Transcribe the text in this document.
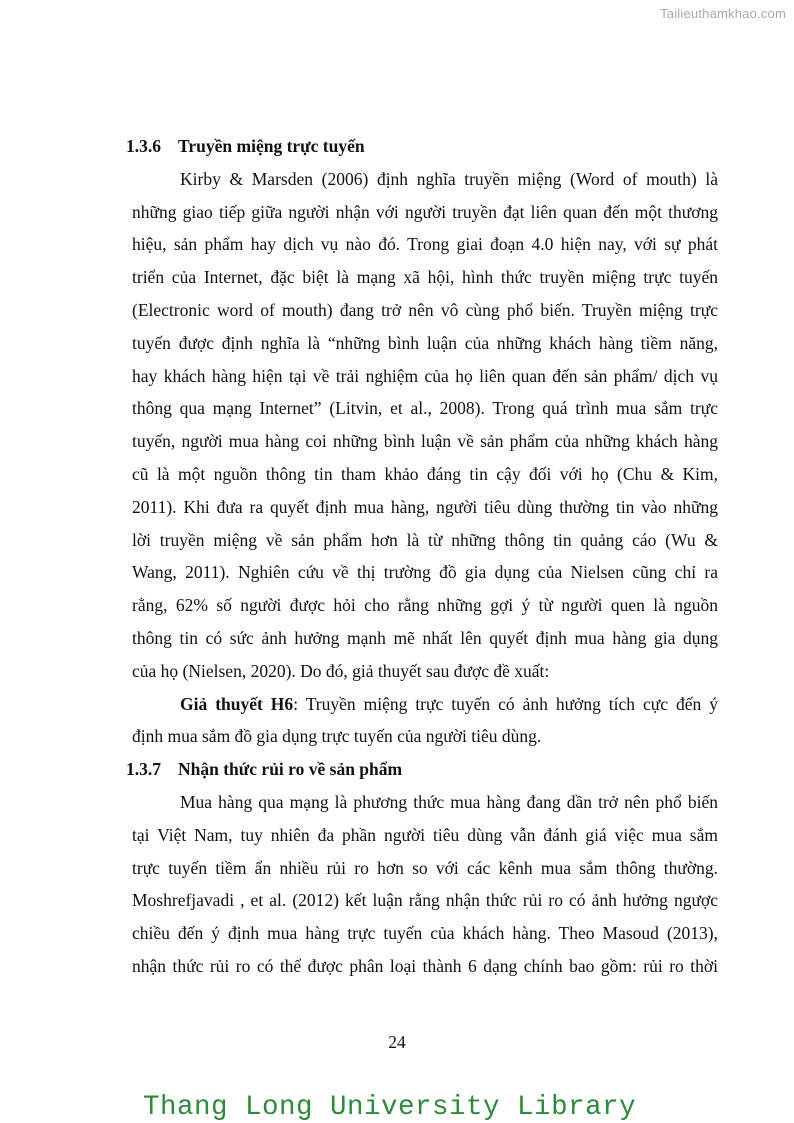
Tailieuthamkhao.com
1.3.6 Truyền miệng trực tuyến
Kirby & Marsden (2006) định nghĩa truyền miệng (Word of mouth) là
những giao tiếp giữa người nhận với người truyền đạt liên quan đến một thương
hiệu, sản phẩm hay dịch vụ nào đó. Trong giai đoạn 4.0 hiện nay, với sự phát
triển của Internet, đặc biệt là mạng xã hội, hình thức truyền miệng trực tuyến
(Electronic word of mouth) đang trở nên vô cùng phổ biến. Truyền miệng trực
tuyến được định nghĩa là “những bình luận của những khách hàng tiềm năng,
hay khách hàng hiện tại về trải nghiệm của họ liên quan đến sản phẩm/ dịch vụ
thông qua mạng Internet” (Litvin, et al., 2008). Trong quá trình mua sắm trực
tuyến, người mua hàng coi những bình luận về sản phẩm của những khách hàng
cũ là một nguồn thông tin tham khảo đáng tin cậy đối với họ (Chu & Kim,
2011). Khi đưa ra quyết định mua hàng, người tiêu dùng thường tin vào những
lời truyền miệng về sản phẩm hơn là từ những thông tin quảng cáo (Wu &
Wang, 2011). Nghiên cứu về thị trường đồ gia dụng của Nielsen cũng chỉ ra
rằng, 62% số người được hỏi cho rằng những gợi ý từ người quen là nguồn
thông tin có sức ảnh hưởng mạnh mẽ nhất lên quyết định mua hàng gia dụng
của họ (Nielsen, 2020). Do đó, giả thuyết sau được đề xuất:
Giả thuyết H6: Truyền miệng trực tuyến có ảnh hưởng tích cực đến ý
định mua sắm đồ gia dụng trực tuyến của người tiêu dùng.
1.3.7 Nhận thức rủi ro về sản phẩm
Mua hàng qua mạng là phương thức mua hàng đang dần trở nên phổ biến
tại Việt Nam, tuy nhiên đa phần người tiêu dùng vẫn đánh giá việc mua sắm
trực tuyến tiềm ẩn nhiều rủi ro hơn so với các kênh mua sắm thông thường.
Moshrefjavadi , et al. (2012) kết luận rằng nhận thức rủi ro có ảnh hưởng ngược
chiều đến ý định mua hàng trực tuyến của khách hàng. Theo Masoud (2013),
nhận thức rủi ro có thể được phân loại thành 6 dạng chính bao gồm: rủi ro thời
24
Thang Long University Library
